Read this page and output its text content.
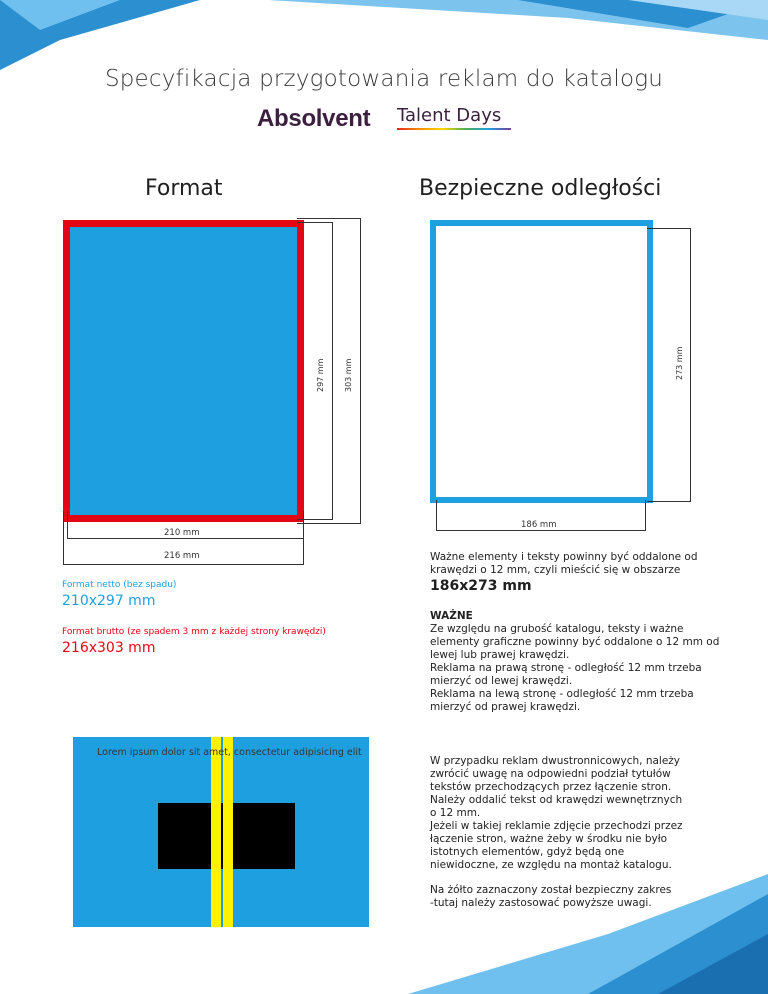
Specyfikacja przygotowania reklam do katalogu
Absolvent Talent Days
Format	Bezpieczne odległości
297 mm 303 mm
210 mm
216 mm
Format netto (bez spadu)
210x297 mm
Format brutto (ze spadem 3 mm z każdej strony krawędzi)
216x303 mm
273 mm
186 mm
Ważne elementy i teksty powinny być oddalone od
krawędzi o 12 mm, czyli mieścić się w obszarze
186x273 mm
WAŻNE
Ze względu na grubość katalogu, teksty i ważne
elementy graficzne powinny być oddalone o 12 mm od
lewej lub prawej krawędzi.
Reklama na prawą stronę - odległość 12 mm trzeba
mierzyć od lewej krawędzi.
Reklama na lewą stronę - odległość 12 mm trzeba
mierzyć od prawej krawędzi.
Lorem ipsum dolor sit amet, consectetur adipisicing elit
W przypadku reklam dwustronnicowych, należy
zwrócić uwagę na odpowiedni podział tytułów
tekstów przechodzących przez łączenie stron.
Należy oddalić tekst od krawędzi wewnętrznych
o 12 mm.
Jeżeli w takiej reklamie zdjęcie przechodzi przez
łączenie stron, ważne żeby w środku nie było
istotnych elementów, gdyż będą one
niewidoczne, ze względu na montaż katalogu.
Na żółto zaznaczony został bezpieczny zakres
-tutaj należy zastosować powyższe uwagi.
